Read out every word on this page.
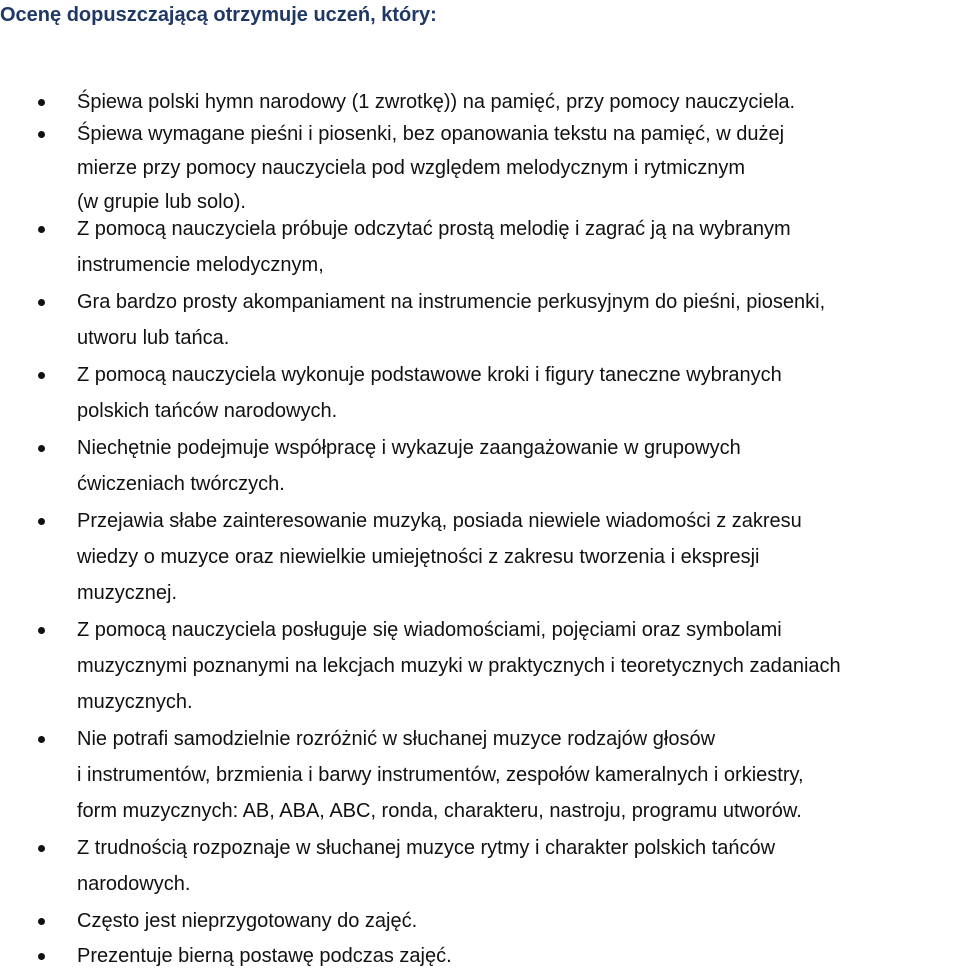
Ocenę dopuszczającą otrzymuje uczeń, który:
Śpiewa polski hymn narodowy (1 zwrotkę)) na pamięć, przy pomocy nauczyciela.
Śpiewa wymagane pieśni i piosenki, bez opanowania tekstu na pamięć, w dużej
mierze przy pomocy nauczyciela pod względem melodycznym i rytmicznym
(w grupie lub solo).
Z pomocą nauczyciela próbuje odczytać prostą melodię i zagrać ją na wybranym
instrumencie melodycznym,
Gra bardzo prosty akompaniament na instrumencie perkusyjnym do pieśni, piosenki,
utworu lub tańca.
Z pomocą nauczyciela wykonuje podstawowe kroki i figury taneczne wybranych
polskich tańców narodowych.
Niechętnie podejmuje współpracę i wykazuje zaangażowanie w grupowych
ćwiczeniach twórczych.
Przejawia słabe zainteresowanie muzyką, posiada niewiele wiadomości z zakresu
wiedzy o muzyce oraz niewielkie umiejętności z zakresu tworzenia i ekspresji
muzycznej.
Z pomocą nauczyciela posługuje się wiadomościami, pojęciami oraz symbolami
muzycznymi poznanymi na lekcjach muzyki w praktycznych i teoretycznych zadaniach
muzycznych.
Nie potrafi samodzielnie rozróżnić w słuchanej muzyce rodzajów głosów
i instrumentów, brzmienia i barwy instrumentów, zespołów kameralnych i orkiestry,
form muzycznych: AB, ABA, ABC, ronda, charakteru, nastroju, programu utworów.
Z trudnością rozpoznaje w słuchanej muzyce rytmy i charakter polskich tańców
narodowych.
Często jest nieprzygotowany do zajęć.
Prezentuje bierną postawę podczas zajęć.
